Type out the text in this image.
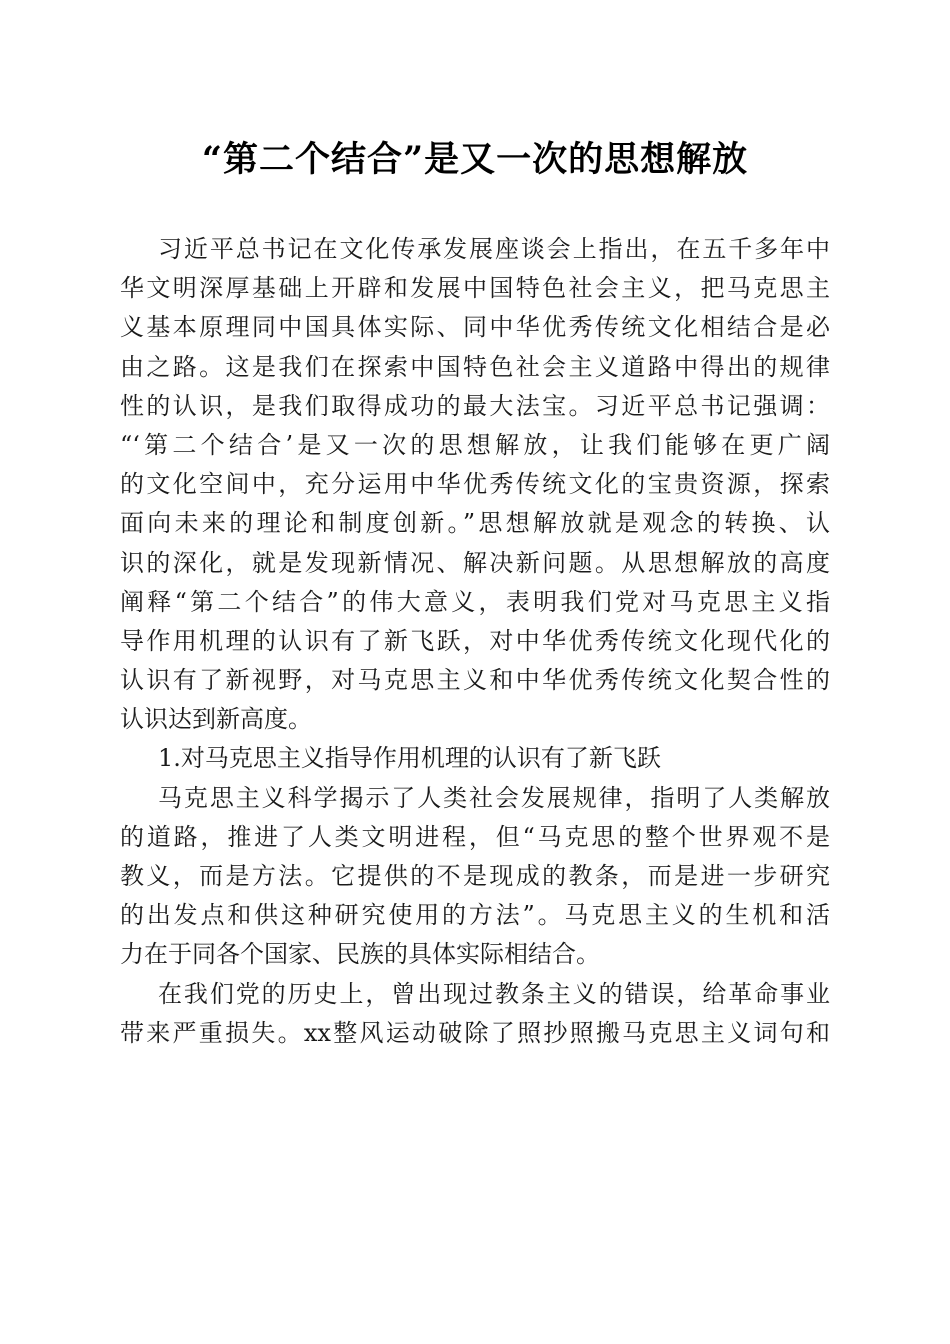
“第二个结合”是又一次的思想解放
习近平总书记在文化传承发展座谈会上指出，在五千多年中
华文明深厚基础上开辟和发展中国特色社会主义，把马克思主
义基本原理同中国具体实际、同中华优秀传统文化相结合是必
由之路。这是我们在探索中国特色社会主义道路中得出的规律
性的认识，是我们取得成功的最大法宝。习近平总书记强调：
“‘第二个结合’是又一次的思想解放，让我们能够在更广阔
的文化空间中，充分运用中华优秀传统文化的宝贵资源，探索
面向未来的理论和制度创新。”思想解放就是观念的转换、认
识的深化，就是发现新情况、解决新问题。从思想解放的高度
阐释“第二个结合”的伟大意义，表明我们党对马克思主义指
导作用机理的认识有了新飞跃，对中华优秀传统文化现代化的
认识有了新视野，对马克思主义和中华优秀传统文化契合性的
认识达到新高度。
1.对马克思主义指导作用机理的认识有了新飞跃
马克思主义科学揭示了人类社会发展规律，指明了人类解放
的道路，推进了人类文明进程，但“马克思的整个世界观不是
教义，而是方法。它提供的不是现成的教条，而是进一步研究
的出发点和供这种研究使用的方法”。马克思主义的生机和活
力在于同各个国家、民族的具体实际相结合。
在我们党的历史上，曾出现过教条主义的错误，给革命事业
带来严重损失。xx整风运动破除了照抄照搬马克思主义词句和
